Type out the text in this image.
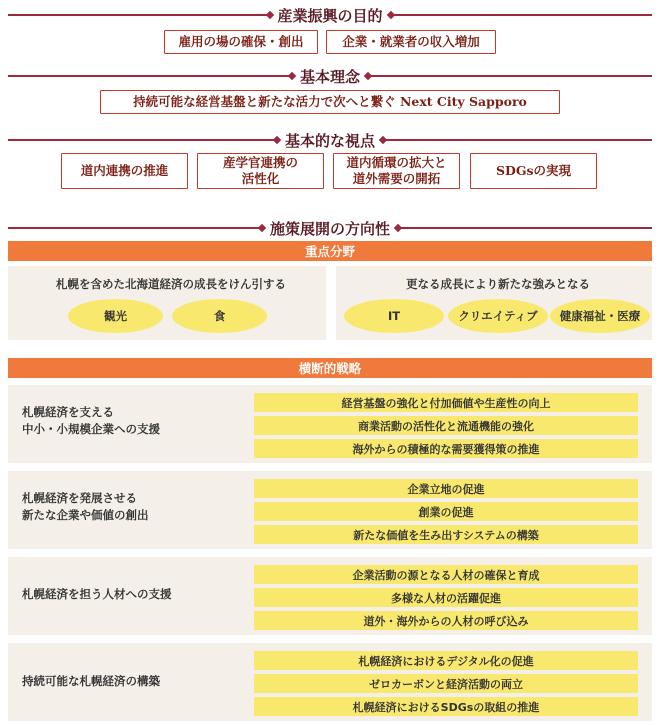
産業振興の目的
雇用の場の確保・創出	企業・就業者の収入増加
基本理念
持続可能な経営基盤と新たな活力で次へと繋ぐ Next City Sapporo
基本的な視点
道内連携の推進
産学官連携の
活性化
道内循環の拡大と
道外需要の開拓
SDGsの実現
施策展開の方向性
重点分野
札幌を含めた北海道経済の成長をけん引する
観光	食
更なる成長により新たな強みとなる
IT	クリエイティブ	健康福祉・医療
横断的戦略
札幌経済を支える
中小・小規模企業への支援
経営基盤の強化と付加価値や生産性の向上
商業活動の活性化と流通機能の強化
海外からの積極的な需要獲得策の推進
札幌経済を発展させる
新たな企業や価値の創出
企業立地の促進
創業の促進
新たな価値を生み出すシステムの構築
札幌経済を担う人材への支援
企業活動の源となる人材の確保と育成
多様な人材の活躍促進
道外・海外からの人材の呼び込み
持続可能な札幌経済の構築
札幌経済におけるデジタル化の促進
ゼロカーボンと経済活動の両立
札幌経済におけるSDGsの取組の推進
